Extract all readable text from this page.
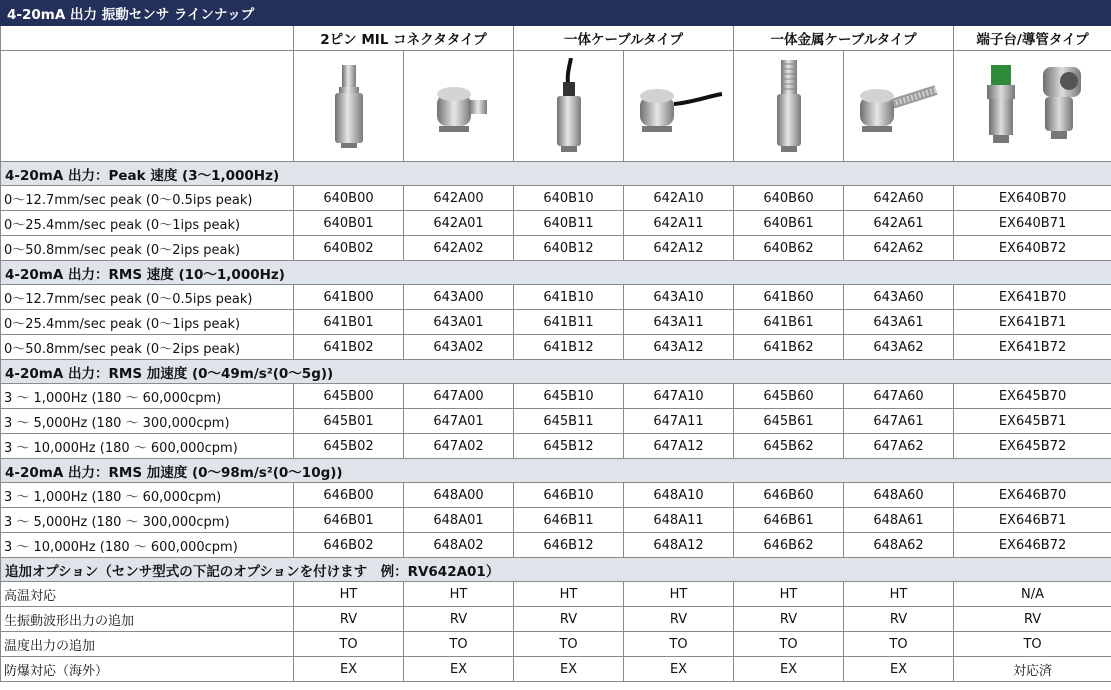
4-20mA 出力 振動センサ ラインナップ							
	2ピン MIL コネクタタイプ		一体ケーブルタイプ		一体金属ケーブルタイプ		端子台/導管タイプ

4-20mA 出力：Peak 速度 (3〜1,000Hz)							
0〜12.7mm/sec peak (0〜0.5ips peak)	640B00	642A00	640B10	642A10	640B60	642A60	EX640B70
0〜25.4mm/sec peak (0〜1ips peak)	640B01	642A01	640B11	642A11	640B61	642A61	EX640B71
0〜50.8mm/sec peak (0〜2ips peak)	640B02	642A02	640B12	642A12	640B62	642A62	EX640B72
4-20mA 出力：RMS 速度 (10〜1,000Hz)							
0〜12.7mm/sec peak (0〜0.5ips peak)	641B00	643A00	641B10	643A10	641B60	643A60	EX641B70
0〜25.4mm/sec peak (0〜1ips peak)	641B01	643A01	641B11	643A11	641B61	643A61	EX641B71
0〜50.8mm/sec peak (0〜2ips peak)	641B02	643A02	641B12	643A12	641B62	643A62	EX641B72
4-20mA 出力：RMS 加速度 (0〜49m/s²(0〜5g))							
3 〜 1,000Hz (180 〜 60,000cpm)	645B00	647A00	645B10	647A10	645B60	647A60	EX645B70
3 〜 5,000Hz (180 〜 300,000cpm)	645B01	647A01	645B11	647A11	645B61	647A61	EX645B71
3 〜 10,000Hz (180 〜 600,000cpm)	645B02	647A02	645B12	647A12	645B62	647A62	EX645B72
4-20mA 出力：RMS 加速度 (0〜98m/s²(0〜10g))							
3 〜 1,000Hz (180 〜 60,000cpm)	646B00	648A00	646B10	648A10	646B60	648A60	EX646B70
3 〜 5,000Hz (180 〜 300,000cpm)	646B01	648A01	646B11	648A11	646B61	648A61	EX646B71
3 〜 10,000Hz (180 〜 600,000cpm)	646B02	648A02	646B12	648A12	646B62	648A62	EX646B72
追加オプション（センサ型式の下記のオプションを付けます　例：RV642A01）							
高温対応	HT	HT	HT	HT	HT	HT	N/A
生振動波形出力の追加	RV	RV	RV	RV	RV	RV	RV
温度出力の追加	TO	TO	TO	TO	TO	TO	TO
防爆対応（海外）	EX	EX	EX	EX	EX	EX	対応済
